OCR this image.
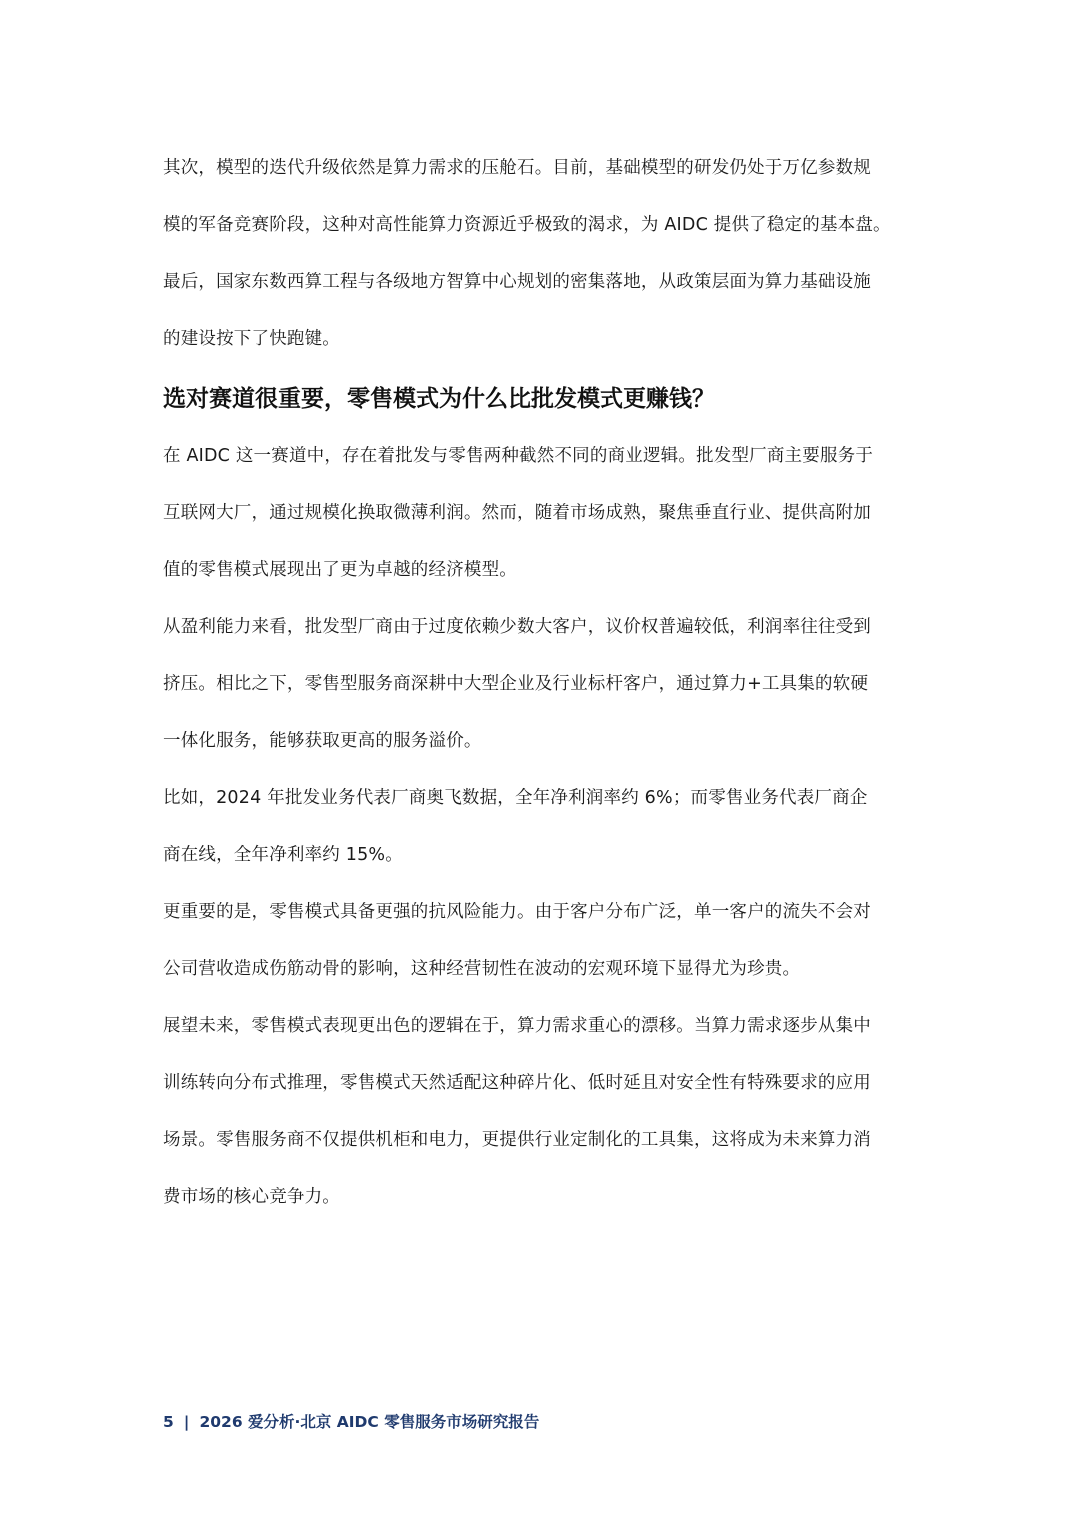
其次，模型的迭代升级依然是算力需求的压舱石。目前，基础模型的研发仍处于万亿参数规

模的军备竞赛阶段，这种对高性能算力资源近乎极致的渴求，为 AIDC 提供了稳定的基本盘。

最后，国家东数西算工程与各级地方智算中心规划的密集落地，从政策层面为算力基础设施

的建设按下了快跑键。

选对赛道很重要，零售模式为什么比批发模式更赚钱？

在 AIDC 这一赛道中，存在着批发与零售两种截然不同的商业逻辑。批发型厂商主要服务于

互联网大厂，通过规模化换取微薄利润。然而，随着市场成熟，聚焦垂直行业、提供高附加

值的零售模式展现出了更为卓越的经济模型。

从盈利能力来看，批发型厂商由于过度依赖少数大客户，议价权普遍较低，利润率往往受到

挤压。相比之下，零售型服务商深耕中大型企业及行业标杆客户，通过算力+工具集的软硬

一体化服务，能够获取更高的服务溢价。

比如，2024 年批发业务代表厂商奥飞数据，全年净利润率约 6%；而零售业务代表厂商企

商在线，全年净利率约 15%。

更重要的是，零售模式具备更强的抗风险能力。由于客户分布广泛，单一客户的流失不会对

公司营收造成伤筋动骨的影响，这种经营韧性在波动的宏观环境下显得尤为珍贵。

展望未来，零售模式表现更出色的逻辑在于，算力需求重心的漂移。当算力需求逐步从集中

训练转向分布式推理，零售模式天然适配这种碎片化、低时延且对安全性有特殊要求的应用

场景。零售服务商不仅提供机柜和电力，更提供行业定制化的工具集，这将成为未来算力消

费市场的核心竞争力。

5 | 2026 爱分析·北京 AIDC 零售服务市场研究报告
